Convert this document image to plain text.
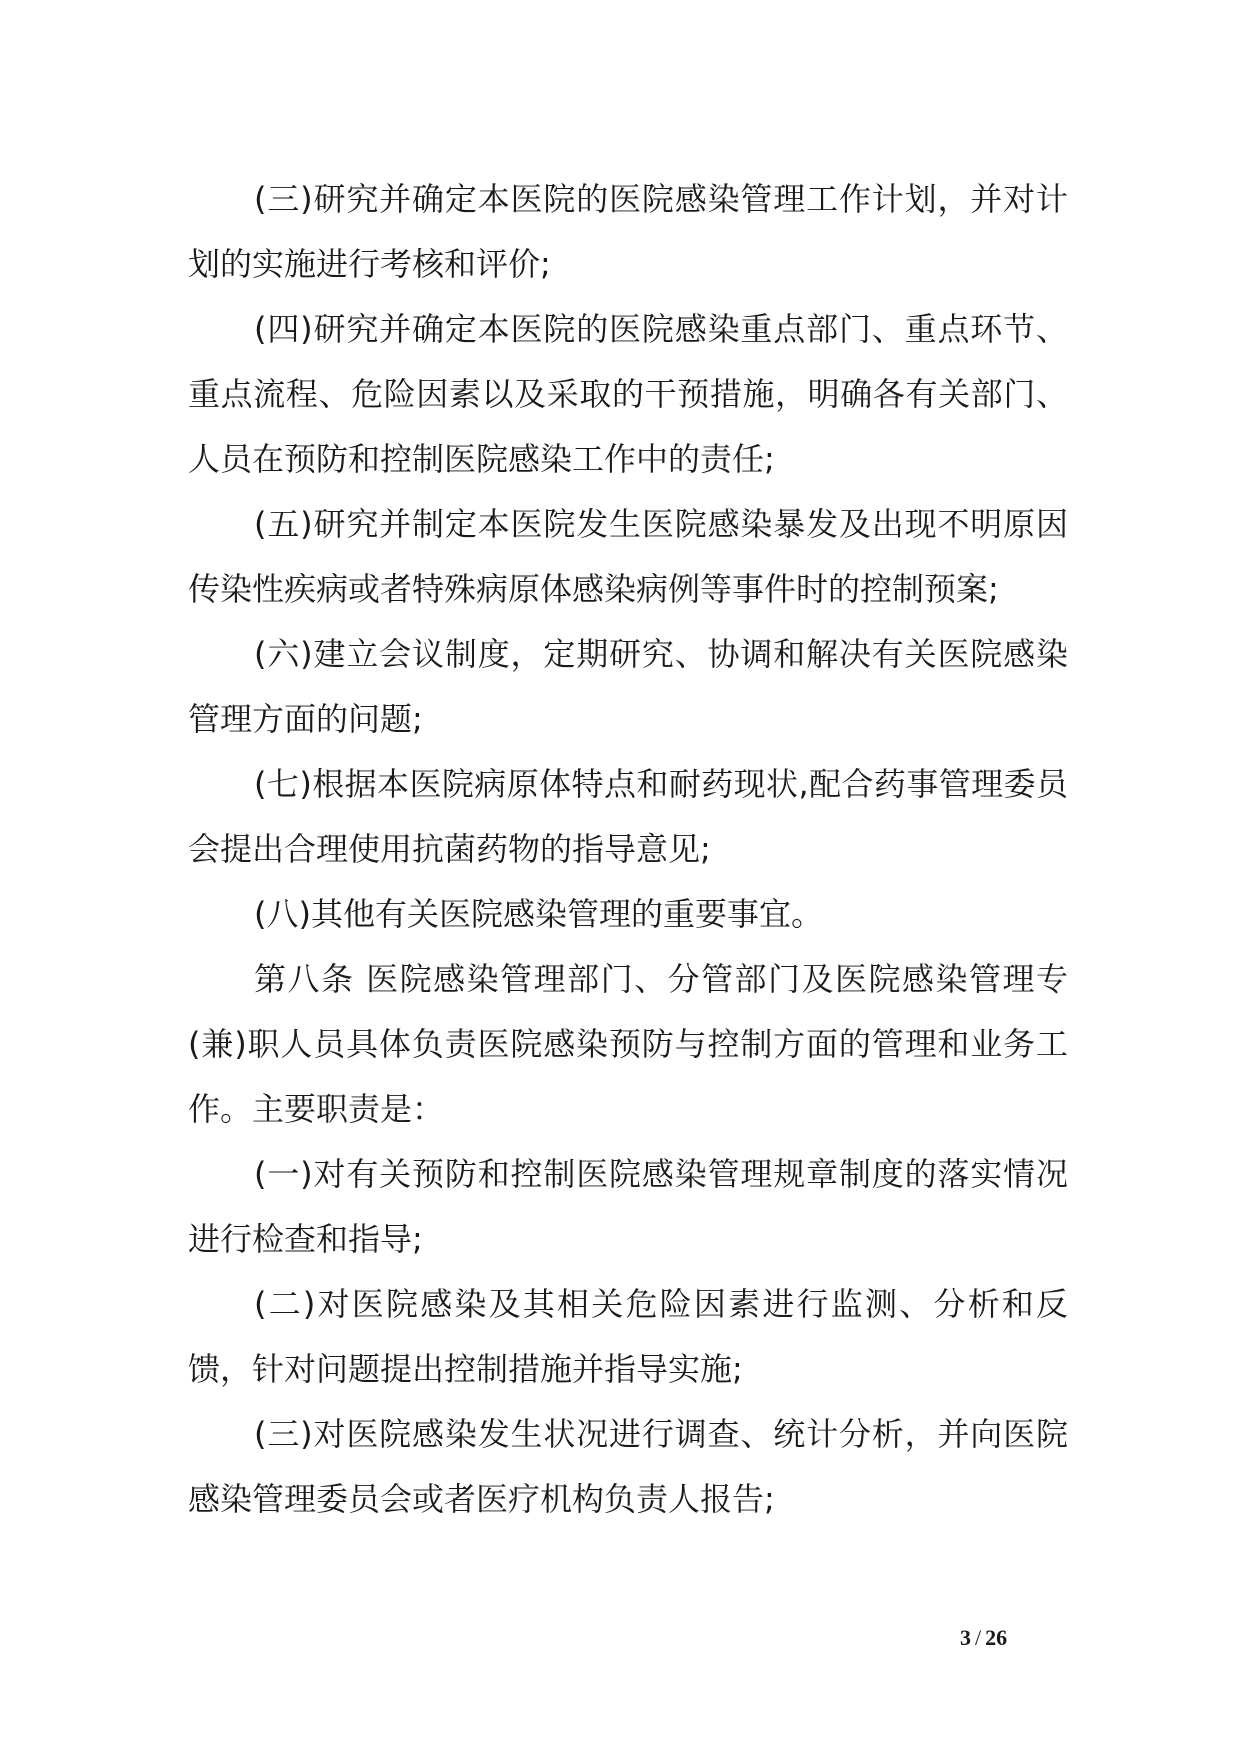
(三)研究并确定本医院的医院感染管理工作计划，并对计划的实施进行考核和评价;

(四)研究并确定本医院的医院感染重点部门、重点环节、重点流程、危险因素以及采取的干预措施，明确各有关部门、人员在预防和控制医院感染工作中的责任;

(五)研究并制定本医院发生医院感染暴发及出现不明原因传染性疾病或者特殊病原体感染病例等事件时的控制预案;

(六)建立会议制度，定期研究、协调和解决有关医院感染管理方面的问题;

(七)根据本医院病原体特点和耐药现状,配合药事管理委员会提出合理使用抗菌药物的指导意见;

(八)其他有关医院感染管理的重要事宜。

第八条 医院感染管理部门、分管部门及医院感染管理专(兼)职人员具体负责医院感染预防与控制方面的管理和业务工作。主要职责是：

(一)对有关预防和控制医院感染管理规章制度的落实情况进行检查和指导;

(二)对医院感染及其相关危险因素进行监测、分析和反馈，针对问题提出控制措施并指导实施;

(三)对医院感染发生状况进行调查、统计分析，并向医院感染管理委员会或者医疗机构负责人报告;

3 / 26
